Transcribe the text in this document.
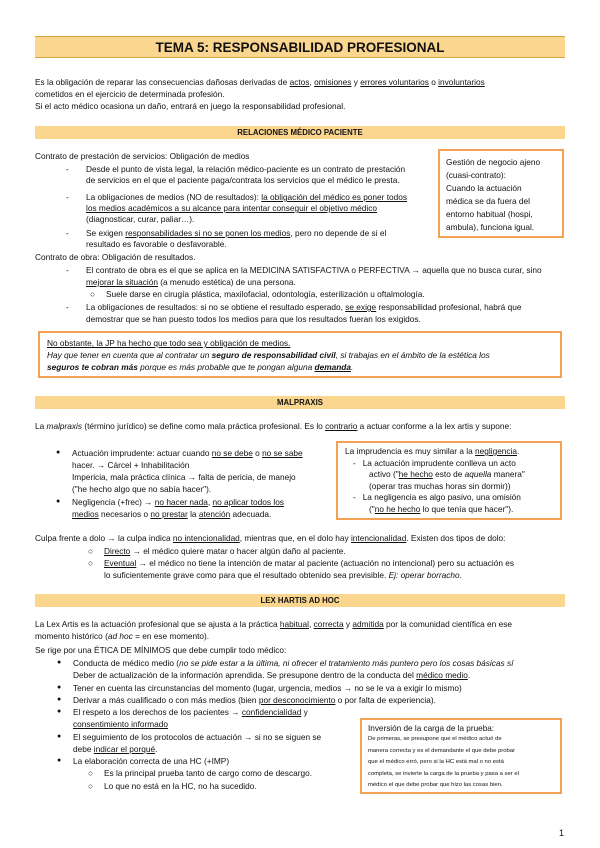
TEMA 5: RESPONSABILIDAD PROFESIONAL
Es la obligación de reparar las consecuencias dañosas derivadas de actos, omisiones y errores voluntarios o involuntarios
cometidos en el ejercicio de determinada profesión.
Si el acto médico ocasiona un daño, entrará en juego la responsabilidad profesional.
RELACIONES MÉDICO PACIENTE
Contrato de prestación de servicios: Obligación de medios
- Desde el punto de vista legal, la relación médico-paciente es un contrato de prestación
de servicios en el que el paciente paga/contrata los servicios que el médico le presta.
- La obligaciones de medios (NO de resultados): la obligación del médico es poner todos
los medios académicos a su alcance para intentar conseguir el objetivo médico
(diagnosticar, curar, paliar…).
- Se exigen responsabilidades si no se ponen los medios, pero no depende de si el
resultado es favorable o desfavorable.
Contrato de obra: Obligación de resultados.
- El contrato de obra es el que se aplica en la MEDICINA SATISFACTIVA o PERFECTIVA → aquella que no busca curar, sino
mejorar la situación (a menudo estética) de una persona.
○ Suele darse en cirugía plástica, maxilofacial, odontología, esterilización u oftalmología.
- La obligaciones de resultados: si no se obtiene el resultado esperado, se exige responsabilidad profesional, habrá que
demostrar que se han puesto todos los medios para que los resultados fueran los exigidos.
Gestión de negocio ajeno
(cuasi-contrato):
Cuando la actuación
médica se da fuera del
entorno habitual (hospi,
ambula), funciona igual.
No obstante, la JP ha hecho que todo sea y obligación de medios.
Hay que tener en cuenta que al contratar un seguro de responsabilidad civil, si trabajas en el ámbito de la estética los
seguros te cobran más porque es más probable que te pongan alguna demanda.
MALPRAXIS
La malpraxis (término jurídico) se define como mala práctica profesional. Es lo contrario a actuar conforme a la lex artis y supone:
● Actuación imprudente: actuar cuando no se debe o no se sabe
hacer. → Cárcel + Inhabilitación
Impericia, mala práctica clínica → falta de pericia, de manejo
("he hecho algo que no sabía hacer").
● Negligencia (+frec) → no hacer nada, no aplicar todos los
medios necesarios o no prestar la atención adecuada.
La imprudencia es muy similar a la negligencia.
- La actuación imprudente conlleva un acto
activo ("he hecho esto de aquella manera"
(operar tras muchas horas sin dormir))
- La negligencia es algo pasivo, una omisión
("no he hecho lo que tenía que hacer").
Culpa frente a dolo → la culpa indica no intencionalidad, mientras que, en el dolo hay intencionalidad. Existen dos tipos de dolo:
○ Directo → el médico quiere matar o hacer algún daño al paciente.
○ Eventual → el médico no tiene la intención de matar al paciente (actuación no intencional) pero su actuación es
lo suficientemente grave como para que el resultado obtenido sea previsible. Ej: operar borracho.
LEX HARTIS AD HOC
La Lex Artis es la actuación profesional que se ajusta a la práctica habitual, correcta y admitida por la comunidad científica en ese
momento histórico (ad hoc = en ese momento).
Se rige por una ÉTICA DE MÍNIMOS que debe cumplir todo médico:
● Conducta de médico medio (no se pide estar a la última, ni ofrecer el tratamiento más puntero pero los cosas básicas sí
Deber de actualización de la información aprendida. Se presupone dentro de la conducta del médico medio.
● Tener en cuenta las circunstancias del momento (lugar, urgencia, medios → no se le va a exigir lo mismo)
● Derivar a más cualificado o con más medios (bien por desconocimiento o por falta de experiencia).
● El respeto a los derechos de los pacientes → confidencialidad y
consentimiento informado
● El seguimiento de los protocolos de actuación → si no se siguen se
debe indicar el porqué.
● La elaboración correcta de una HC (+IMP)
○ Es la principal prueba tanto de cargo como de descargo.
○ Lo que no está en la HC, no ha sucedido.
Inversión de la carga de la prueba:
De primeras, se presupone que el médico actuó de
manera correcta y es el demandante el que debe probar
que el médico erró, pero si la HC está mal o no está
completa, se invierte la carga de la prueba y pasa a ser el
médico el que debe probar que hizo las cosas bien.
1
